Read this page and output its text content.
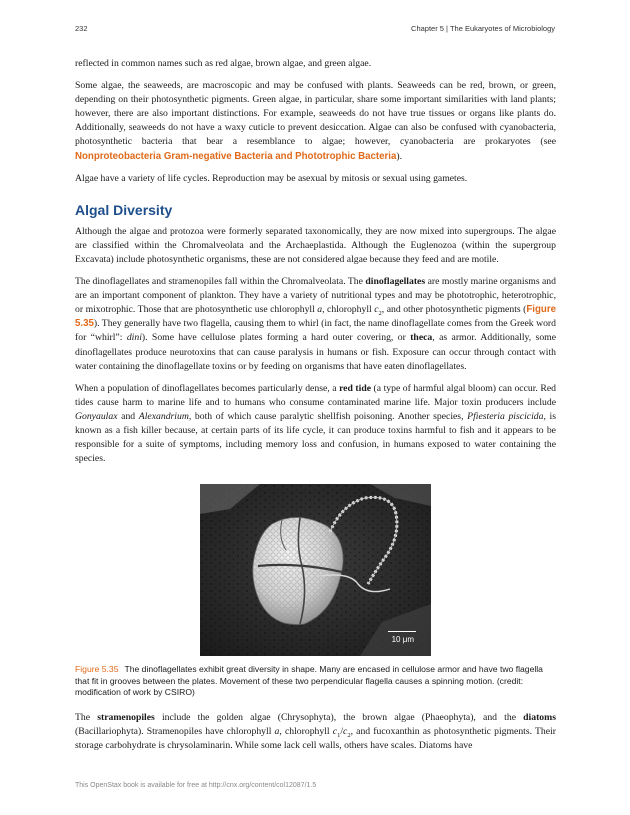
232	Chapter 5 | The Eukaryotes of Microbiology

reflected in common names such as red algae, brown algae, and green algae.

Some algae, the seaweeds, are macroscopic and may be confused with plants. Seaweeds can be red, brown, or green, depending on their photosynthetic pigments. Green algae, in particular, share some important similarities with land plants; however, there are also important distinctions. For example, seaweeds do not have true tissues or organs like plants do. Additionally, seaweeds do not have a waxy cuticle to prevent desiccation. Algae can also be confused with cyanobacteria, photosynthetic bacteria that bear a resemblance to algae; however, cyanobacteria are prokaryotes (see Nonproteobacteria Gram-negative Bacteria and Phototrophic Bacteria).

Algae have a variety of life cycles. Reproduction may be asexual by mitosis or sexual using gametes.

Algal Diversity

Although the algae and protozoa were formerly separated taxonomically, they are now mixed into supergroups. The algae are classified within the Chromalveolata and the Archaeplastida. Although the Euglenozoa (within the supergroup Excavata) include photosynthetic organisms, these are not considered algae because they feed and are motile.

The dinoflagellates and stramenopiles fall within the Chromalveolata. The dinoflagellates are mostly marine organisms and are an important component of plankton. They have a variety of nutritional types and may be phototrophic, heterotrophic, or mixotrophic. Those that are photosynthetic use chlorophyll a, chlorophyll $c_2$, and other photosynthetic pigments (Figure 5.35). They generally have two flagella, causing them to whirl (in fact, the name dinoflagellate comes from the Greek word for “whirl”: dini). Some have cellulose plates forming a hard outer covering, or theca, as armor. Additionally, some dinoflagellates produce neurotoxins that can cause paralysis in humans or fish. Exposure can occur through contact with water containing the dinoflagellate toxins or by feeding on organisms that have eaten dinoflagellates.

When a population of dinoflagellates becomes particularly dense, a red tide (a type of harmful algal bloom) can occur. Red tides cause harm to marine life and to humans who consume contaminated marine life. Major toxin producers include Gonyaulax and Alexandrium, both of which cause paralytic shellfish poisoning. Another species, Pfiesteria piscicida, is known as a fish killer because, at certain parts of its life cycle, it can produce toxins harmful to fish and it appears to be responsible for a suite of symptoms, including memory loss and confusion, in humans exposed to water containing the species.

10 μm
Figure 5.35 The dinoflagellates exhibit great diversity in shape. Many are encased in cellulose armor and have two flagella that fit in grooves between the plates. Movement of these two perpendicular flagella causes a spinning motion. (credit: modification of work by CSIRO)

The stramenopiles include the golden algae (Chrysophyta), the brown algae (Phaeophyta), and the diatoms (Bacillariophyta). Stramenopiles have chlorophyll a, chlorophyll $c_1/c_2$, and fucoxanthin as photosynthetic pigments. Their storage carbohydrate is chrysolaminarin. While some lack cell walls, others have scales. Diatoms have

This OpenStax book is available for free at http://cnx.org/content/col12087/1.5
